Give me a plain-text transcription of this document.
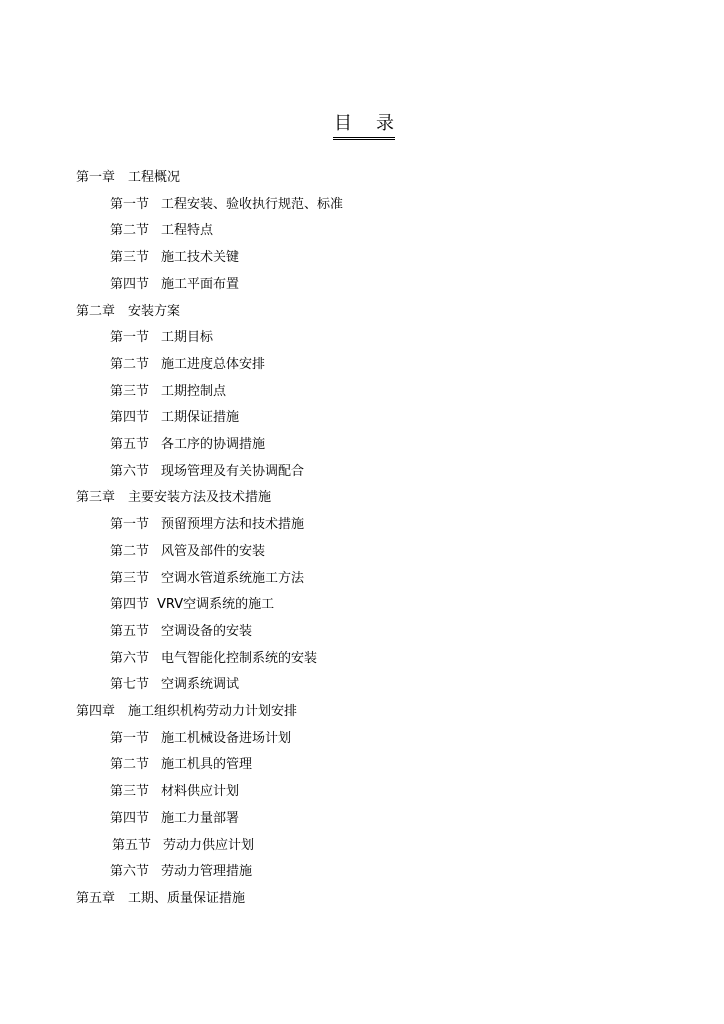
目 录
第一章 工程概况
第一节 工程安装、验收执行规范、标准
第二节 工程特点
第三节 施工技术关键
第四节 施工平面布置
第二章 安装方案
第一节 工期目标
第二节 施工进度总体安排
第三节 工期控制点
第四节 工期保证措施
第五节 各工序的协调措施
第六节 现场管理及有关协调配合
第三章 主要安装方法及技术措施
第一节 预留预埋方法和技术措施
第二节 风管及部件的安装
第三节 空调水管道系统施工方法
第四节 VRV空调系统的施工
第五节 空调设备的安装
第六节 电气智能化控制系统的安装
第七节 空调系统调试
第四章 施工组织机构劳动力计划安排
第一节 施工机械设备进场计划
第二节 施工机具的管理
第三节 材料供应计划
第四节 施工力量部署
第五节 劳动力供应计划
第六节 劳动力管理措施
第五章 工期、质量保证措施
